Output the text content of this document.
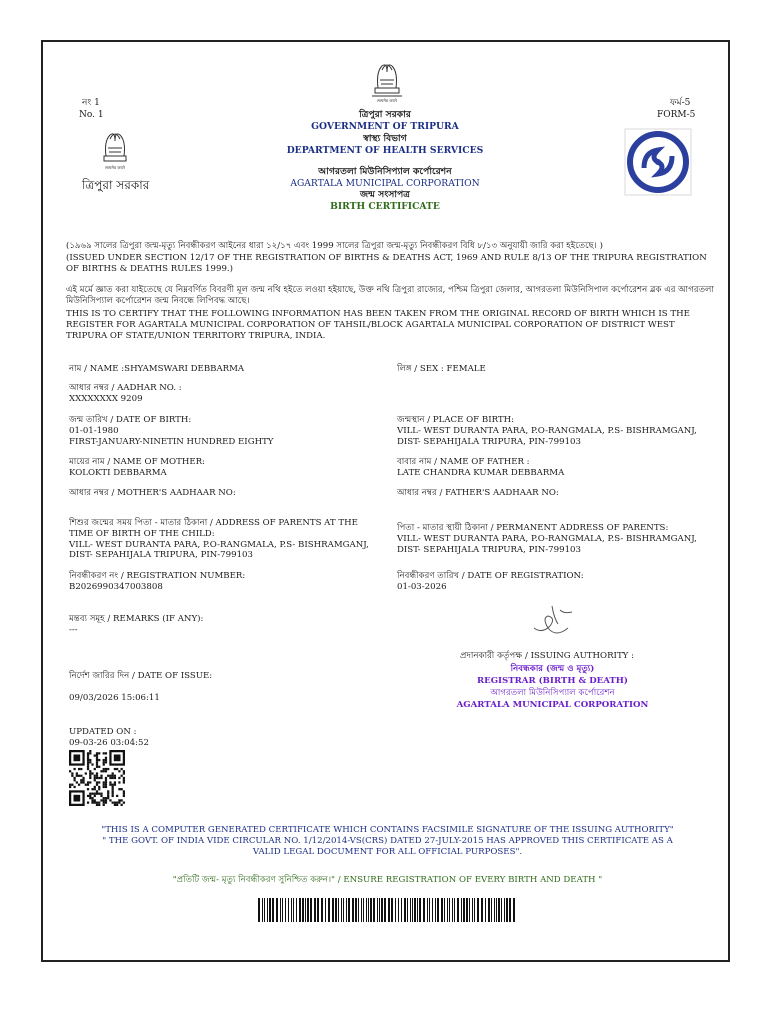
सत्यमेव जयते
सत्यमेव जयते
ত্রিপুরা সরকার
নং 1
No. 1
ফর্ম-5
FORM-5
ত্রিপুরা সরকার
GOVERNMENT OF TRIPURA
স্বাস্থ্য বিভাগ
DEPARTMENT OF HEALTH SERVICES
আগরতলা মিউনিসিপ্যাল কর্পোরেশন
AGARTALA MUNICIPAL CORPORATION
জন্ম সংসাপত্র
BIRTH CERTIFICATE
(১৯৬৯ সালের ত্রিপুরা জন্ম-মৃত্যু নিবন্ধীকরণ আইনের ধারা ১২/১৭ এবং 1999 সালের ত্রিপুরা জন্ম-মৃত্যু নিবন্ধীকরণ বিধি ৮/১৩ অনুযায়ী জারি করা হইতেছে। )
(ISSUED UNDER SECTION 12/17 OF THE REGISTRATION OF BIRTHS & DEATHS ACT, 1969 AND RULE 8/13 OF THE TRIPURA REGISTRATION OF BIRTHS & DEATHS RULES 1999.)
এই মর্মে জ্ঞাত করা যাইতেছে যে নিম্নবর্ণিত বিবরণী মূল জন্ম নথি হইতে লওয়া হইয়াছে, উক্ত নথি ত্রিপুরা রাজ্যের, পশ্চিম ত্রিপুরা জেলার, আগরতলা মিউনিসিপাল কর্পোরেশন ব্লক এর আগরতলা মিউনিসিপ্যাল কর্পোরেশন জন্ম নিবন্ধে লিপিবদ্ধ আছে।
THIS IS TO CERTIFY THAT THE FOLLOWING INFORMATION HAS BEEN TAKEN FROM THE ORIGINAL RECORD OF BIRTH WHICH IS THE REGISTER FOR AGARTALA MUNICIPAL CORPORATION OF TAHSIL/BLOCK AGARTALA MUNICIPAL CORPORATION OF DISTRICT WEST TRIPURA OF STATE/UNION TERRITORY TRIPURA, INDIA.
নাম / NAME :SHYAMSWARI DEBBARMA
আধার নম্বর / AADHAR NO. :
XXXXXXXX 9209
জন্ম তারিখ / DATE OF BIRTH:
01-01-1980
FIRST-JANUARY-NINETIN HUNDRED EIGHTY
মায়ের নাম / NAME OF MOTHER:
KOLOKTI DEBBARMA
আধার নম্বর / MOTHER'S AADHAAR NO:
শিশুর জন্মের সময় পিতা - মাতার ঠিকানা / ADDRESS OF PARENTS AT THE TIME OF BIRTH OF THE CHILD:
VILL- WEST DURANTA PARA, P.O-RANGMALA, P.S- BISHRAMGANJ, DIST- SEPAHIJALA TRIPURA, PIN-799103
নিবন্ধীকরণ নং / REGISTRATION NUMBER:
B2026990347003808
মন্তব্য সমূহ / REMARKS (IF ANY):
---
নির্দেশ জারির দিন / DATE OF ISSUE:
09/03/2026 15:06:11
UPDATED ON :
09-03-26 03:04:52
লিঙ্গ / SEX : FEMALE
জন্মস্থান / PLACE OF BIRTH:
VILL- WEST DURANTA PARA, P.O-RANGMALA, P.S- BISHRAMGANJ, DIST- SEPAHIJALA TRIPURA, PIN-799103
বাবার নাম / NAME OF FATHER :
LATE CHANDRA KUMAR DEBBARMA
আধার নম্বর / FATHER'S AADHAAR NO:
পিতা - মাতার স্থায়ী ঠিকানা / PERMANENT ADDRESS OF PARENTS:
VILL- WEST DURANTA PARA, P.O-RANGMALA, P.S- BISHRAMGANJ, DIST- SEPAHIJALA TRIPURA, PIN-799103
নিবন্ধীকরণ তারিখ / DATE OF REGISTRATION:
01-03-2026
প্রদানকারী কর্তৃপক্ষ / ISSUING AUTHORITY :
নিবন্ধকার (জন্ম ও মৃত্যু)
REGISTRAR (BIRTH & DEATH)
আগরতলা মিউনিসিপ্যাল কর্পোরেশন
AGARTALA MUNICIPAL CORPORATION
"THIS IS A COMPUTER GENERATED CERTIFICATE WHICH CONTAINS FACSIMILE SIGNATURE OF THE ISSUING AUTHORITY" " THE GOVT. OF INDIA VIDE CIRCULAR NO. 1/12/2014-VS(CRS) DATED 27-JULY-2015 HAS APPROVED THIS CERTIFICATE AS A VALID LEGAL DOCUMENT FOR ALL OFFICIAL PURPOSES".
"প্রতিটি জন্ম- মৃত্যু নিবন্ধীকরণ সুনিশ্চিত করুন।" / ENSURE REGISTRATION OF EVERY BIRTH AND DEATH "
